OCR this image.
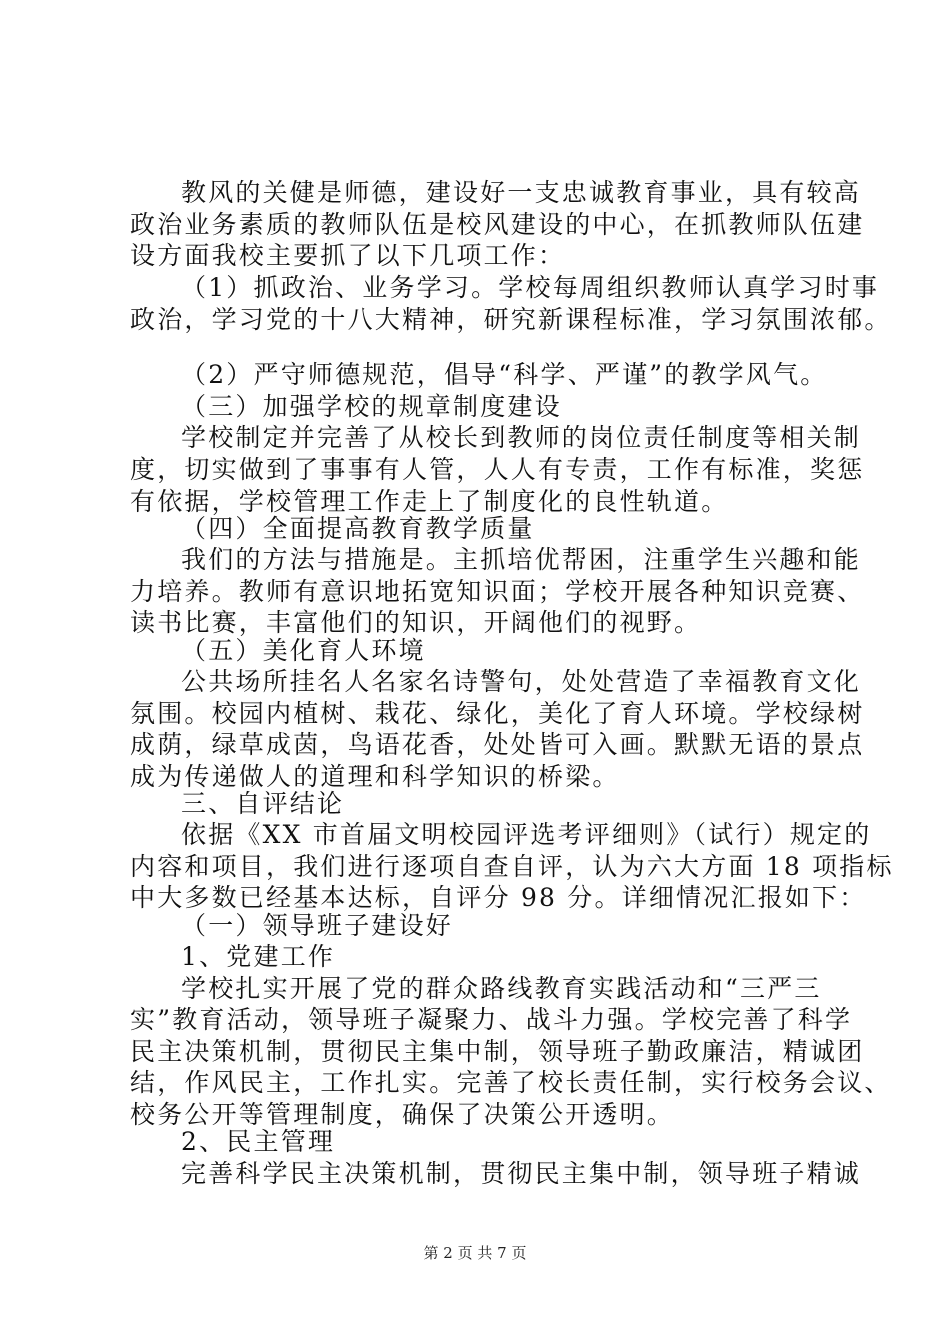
教风的关健是师德，建设好一支忠诚教育事业，具有较高
政治业务素质的教师队伍是校风建设的中心，在抓教师队伍建
设方面我校主要抓了以下几项工作：
（1）抓政治、业务学习。学校每周组织教师认真学习时事
政治，学习党的十八大精神，研究新课程标准，学习氛围浓郁。
（2）严守师德规范，倡导“科学、严谨”的教学风气。
（三）加强学校的规章制度建设
学校制定并完善了从校长到教师的岗位责任制度等相关制
度，切实做到了事事有人管，人人有专责，工作有标准，奖惩
有依据，学校管理工作走上了制度化的良性轨道。
（四）全面提高教育教学质量
我们的方法与措施是。主抓培优帮困，注重学生兴趣和能
力培养。教师有意识地拓宽知识面；学校开展各种知识竞赛、
读书比赛，丰富他们的知识，开阔他们的视野。
（五）美化育人环境
公共场所挂名人名家名诗警句，处处营造了幸福教育文化
氛围。校园内植树、栽花、绿化，美化了育人环境。学校绿树
成荫，绿草成茵，鸟语花香，处处皆可入画。默默无语的景点
成为传递做人的道理和科学知识的桥梁。
三、自评结论
依据《XX 市首届文明校园评选考评细则》（试行）规定的
内容和项目，我们进行逐项自查自评，认为六大方面 18 项指标
中大多数已经基本达标，自评分 98 分。详细情况汇报如下：
（一）领导班子建设好
1、党建工作
学校扎实开展了党的群众路线教育实践活动和“三严三
实”教育活动，领导班子凝聚力、战斗力强。学校完善了科学
民主决策机制，贯彻民主集中制，领导班子勤政廉洁，精诚团
结，作风民主，工作扎实。完善了校长责任制，实行校务会议、
校务公开等管理制度，确保了决策公开透明。
2、民主管理
完善科学民主决策机制，贯彻民主集中制，领导班子精诚
第 2 页 共 7 页
